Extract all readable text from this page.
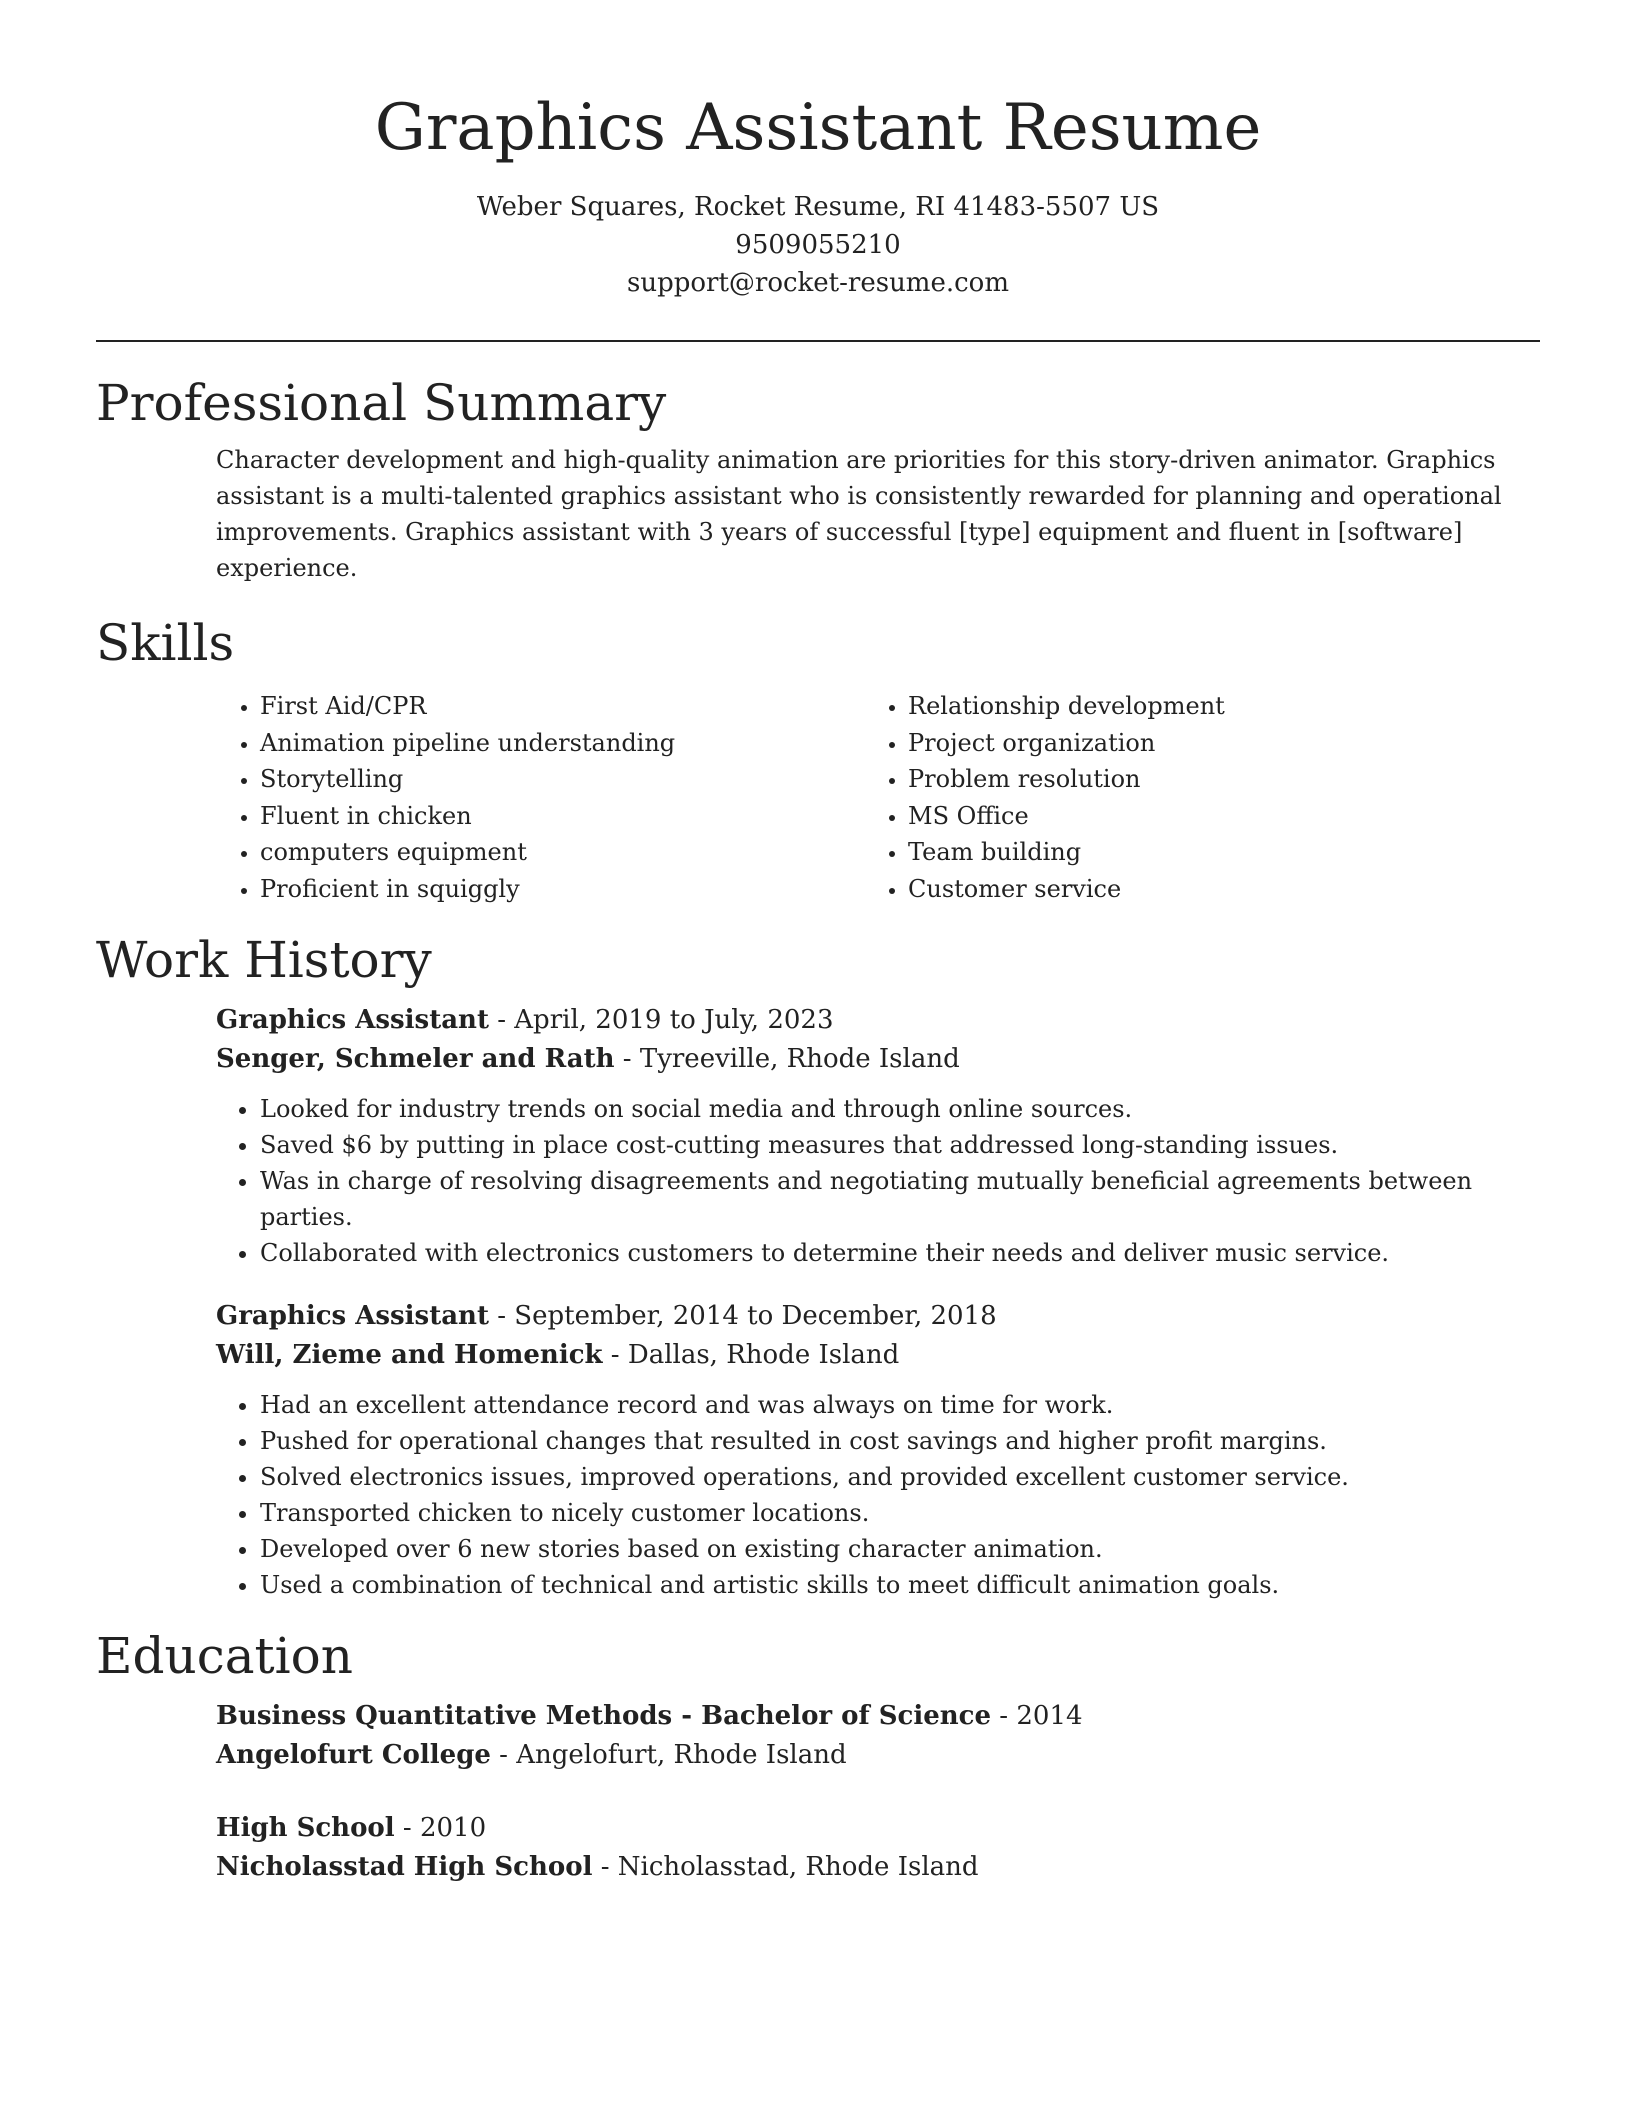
Graphics Assistant Resume
Weber Squares, Rocket Resume, RI 41483-5507 US
9509055210
support@rocket-resume.com
Professional Summary

Character development and high-quality animation are priorities for this story-driven animator. Graphics assistant is a multi-talented graphics assistant who is consistently rewarded for planning and operational improvements. Graphics assistant with 3 years of successful [type] equipment and fluent in [software] experience.

Skills
• First Aid/CPR
• Animation pipeline understanding
• Storytelling
• Fluent in chicken
• computers equipment
• Proficient in squiggly
• Relationship development
• Project organization
• Problem resolution
• MS Office
• Team building
• Customer service
Work History
Graphics Assistant - April, 2019 to July, 2023
Senger, Schmeler and Rath - Tyreeville, Rhode Island
• Looked for industry trends on social media and through online sources.
• Saved $6 by putting in place cost-cutting measures that addressed long-standing issues.
• Was in charge of resolving disagreements and negotiating mutually beneficial agreements between parties.
• Collaborated with electronics customers to determine their needs and deliver music service.
Graphics Assistant - September, 2014 to December, 2018
Will, Zieme and Homenick - Dallas, Rhode Island
• Had an excellent attendance record and was always on time for work.
• Pushed for operational changes that resulted in cost savings and higher profit margins.
• Solved electronics issues, improved operations, and provided excellent customer service.
• Transported chicken to nicely customer locations.
• Developed over 6 new stories based on existing character animation.
• Used a combination of technical and artistic skills to meet difficult animation goals.
Education
Business Quantitative Methods - Bachelor of Science - 2014
Angelofurt College - Angelofurt, Rhode Island
High School - 2010
Nicholasstad High School - Nicholasstad, Rhode Island
